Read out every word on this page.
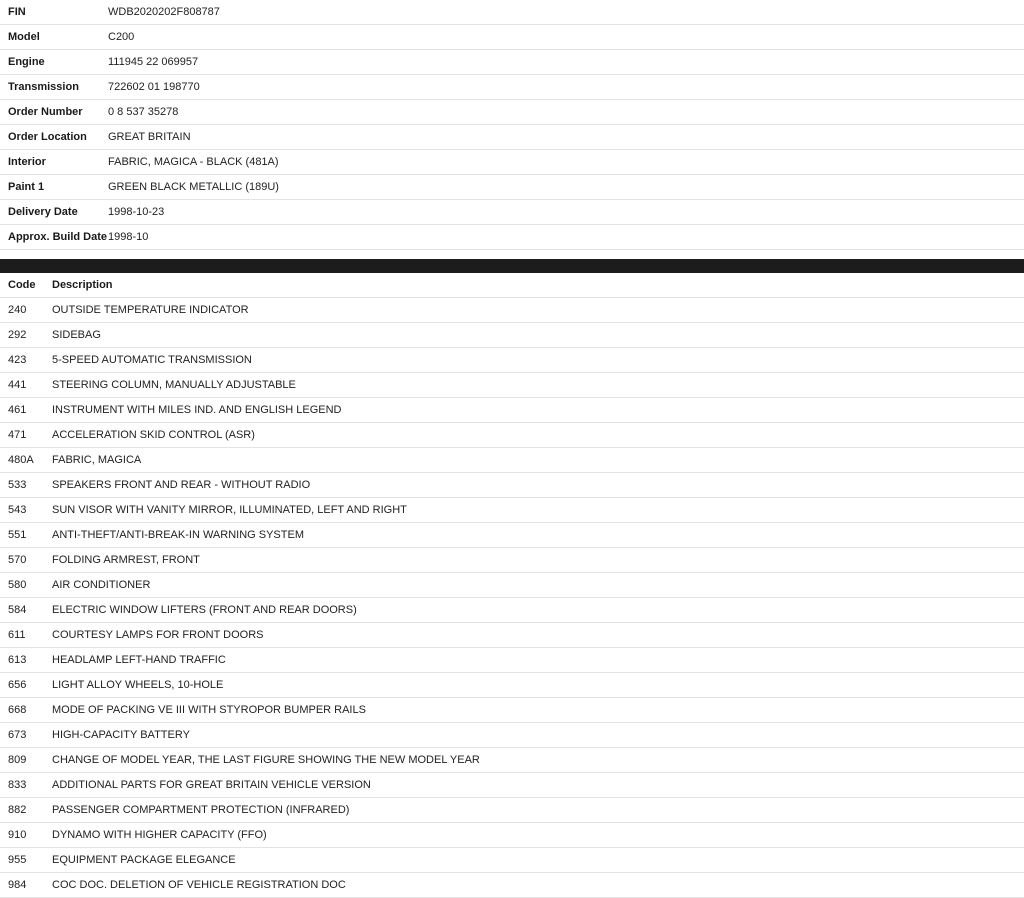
FIN	WDB2020202F808787
Model	C200
Engine	111945 22 069957
Transmission	722602 01 198770
Order Number	0 8 537 35278
Order Location	GREAT BRITAIN
Interior	FABRIC, MAGICA - BLACK (481A)
Paint 1	GREEN BLACK METALLIC (189U)
Delivery Date	1998-10-23
Approx. Build Date	1998-10
Code	Description
240	OUTSIDE TEMPERATURE INDICATOR
292	SIDEBAG
423	5-SPEED AUTOMATIC TRANSMISSION
441	STEERING COLUMN, MANUALLY ADJUSTABLE
461	INSTRUMENT WITH MILES IND. AND ENGLISH LEGEND
471	ACCELERATION SKID CONTROL (ASR)
480A	FABRIC, MAGICA
533	SPEAKERS FRONT AND REAR - WITHOUT RADIO
543	SUN VISOR WITH VANITY MIRROR, ILLUMINATED, LEFT AND RIGHT
551	ANTI-THEFT/ANTI-BREAK-IN WARNING SYSTEM
570	FOLDING ARMREST, FRONT
580	AIR CONDITIONER
584	ELECTRIC WINDOW LIFTERS (FRONT AND REAR DOORS)
611	COURTESY LAMPS FOR FRONT DOORS
613	HEADLAMP LEFT-HAND TRAFFIC
656	LIGHT ALLOY WHEELS, 10-HOLE
668	MODE OF PACKING VE III WITH STYROPOR BUMPER RAILS
673	HIGH-CAPACITY BATTERY
809	CHANGE OF MODEL YEAR, THE LAST FIGURE SHOWING THE NEW MODEL YEAR
833	ADDITIONAL PARTS FOR GREAT BRITAIN VEHICLE VERSION
882	PASSENGER COMPARTMENT PROTECTION (INFRARED)
910	DYNAMO WITH HIGHER CAPACITY (FFO)
955	EQUIPMENT PACKAGE ELEGANCE
984	COC DOC. DELETION OF VEHICLE REGISTRATION DOC
